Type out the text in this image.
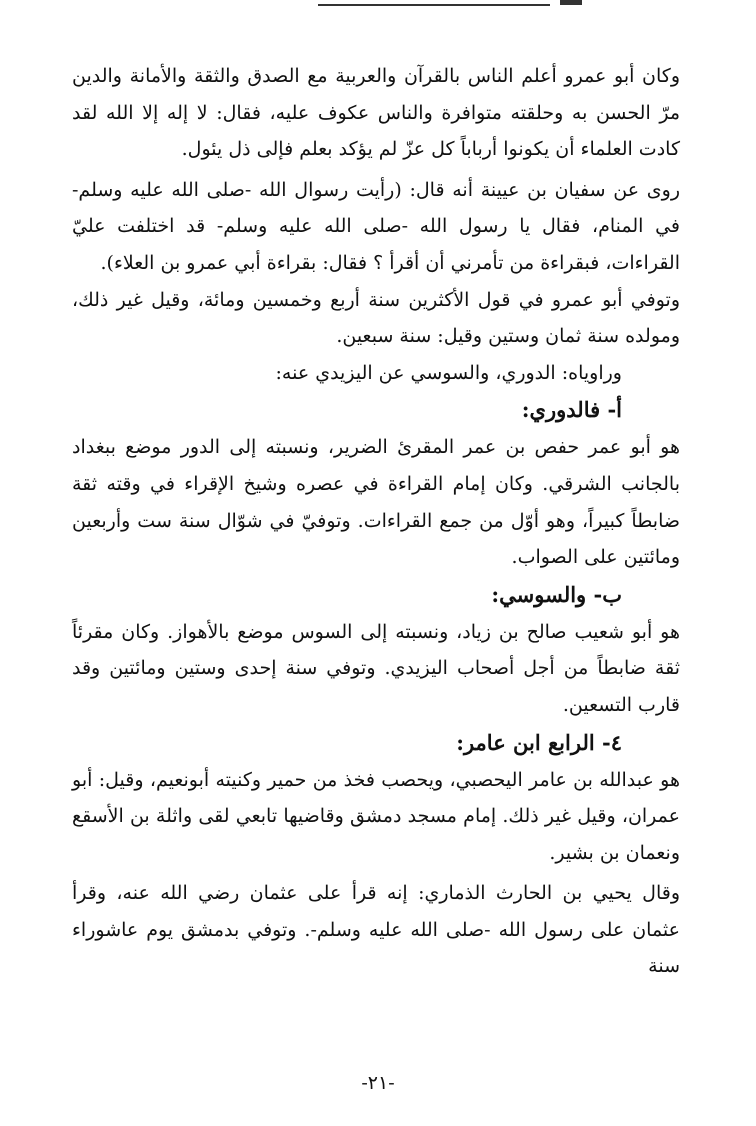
وكان أبو عمرو أعلم الناس بالقرآن والعربية مع الصدق والثقة والأمانة والدين مرّ الحسن به وحلقته متوافرة والناس عكوف عليه، فقال: لا إله إلا الله لقد كادت العلماء أن يكونوا أرباباً كل عزّ لم يؤكد بعلم فإلى ذل يئول.

روى عن سفيان بن عيينة أنه قال: (رأيت رسوال الله -صلى الله عليه وسلم- في المنام، فقال يا رسول الله -صلى الله عليه وسلم- قد اختلفت عليّ القراءات، فبقراءة من تأمرني أن أقرأ ؟ فقال: بقراءة أبي عمرو بن العلاء).

وتوفي أبو عمرو في قول الأكثرين سنة أربع وخمسين ومائة، وقيل غير ذلك، ومولده سنة ثمان وستين وقيل: سنة سبعين.

وراوياه: الدوري، والسوسي عن اليزيدي عنه:

أ- فالدوري:

هو أبو عمر حفص بن عمر المقرئ الضرير، ونسبته إلى الدور موضع ببغداد بالجانب الشرقي. وكان إمام القراءة في عصره وشيخ الإقراء في وقته ثقة ضابطاً كبيراً، وهو أوّل من جمع القراءات. وتوفيّ في شوّال سنة ست وأربعين ومائتين على الصواب.

ب- والسوسي:

هو أبو شعيب صالح بن زياد، ونسبته إلى السوس موضع بالأهواز. وكان مقرئاً ثقة ضابطاً من أجل أصحاب اليزيدي. وتوفي سنة إحدى وستين ومائتين وقد قارب التسعين.

٤- الرابع ابن عامر:

هو عبدالله بن عامر اليحصبي، ويحصب فخذ من حمير وكنيته أبونعيم، وقيل: أبو عمران، وقيل غير ذلك. إمام مسجد دمشق وقاضيها تابعي لقى واثلة بن الأسقع ونعمان بن بشير.

وقال يحيي بن الحارث الذماري: إنه قرأ على عثمان رضي الله عنه، وقرأ عثمان على رسول الله -صلى الله عليه وسلم-. وتوفي بدمشق يوم عاشوراء سنة

-٢١-
